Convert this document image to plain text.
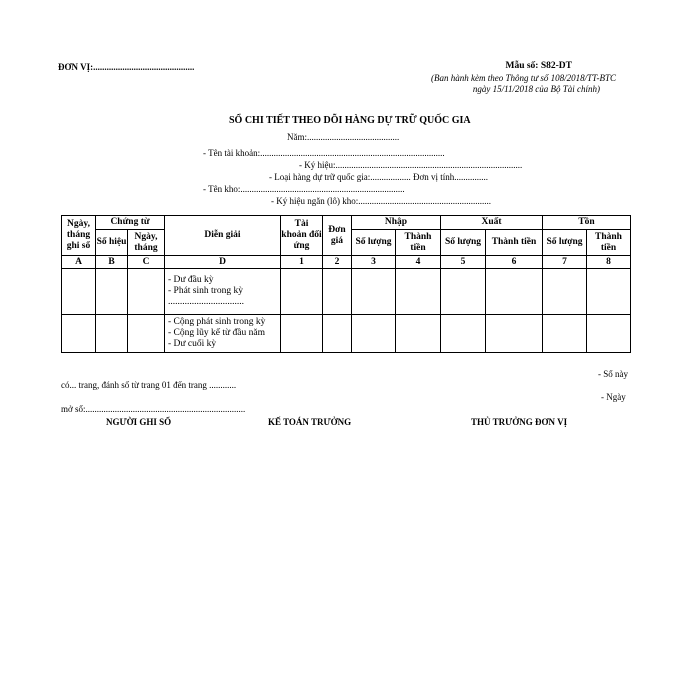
ĐƠN VỊ:.............................................	Mẫu số: S82-DT
(Ban hành kèm theo Thông tư số 108/2018/TT-BTC
ngày 15/11/2018 của Bộ Tài chính)
SỔ CHI TIẾT THEO DÕI HÀNG DỰ TRỮ QUỐC GIA
Năm:.........................................
- Tên tài khoản:..................................................................................
- Ký hiệu:...................................................................................
- Loại hàng dự trữ quốc gia:.................. Đơn vị tính...............
- Tên kho:.........................................................................
- Ký hiệu ngăn (lô) kho:...........................................................
Ngày, tháng ghi sổ	Chứng từ		Diễn giải	Tài khoản đối ứng	Đơn giá	Nhập		Xuất		Tồn	
	Số hiệu	Ngày, tháng				Số lượng	Thành tiền	Số lượng	Thành tiền	Số lượng	Thành tiền
A	B	C	D	1	2	3	4	5	6	7	8

			- Dư đầu kỳ
- Phát sinh trong kỳ
................................								

			- Cộng phát sinh trong kỳ
- Cộng lũy kế từ đầu năm
- Dư cuối kỳ								

- Sổ này
có... trang, đánh số từ trang 01 đến trang ............
- Ngày
mở sổ:.......................................................................
NGƯỜI GHI SỔ	KẾ TOÁN TRƯỞNG	THỦ TRƯỞNG ĐƠN VỊ
